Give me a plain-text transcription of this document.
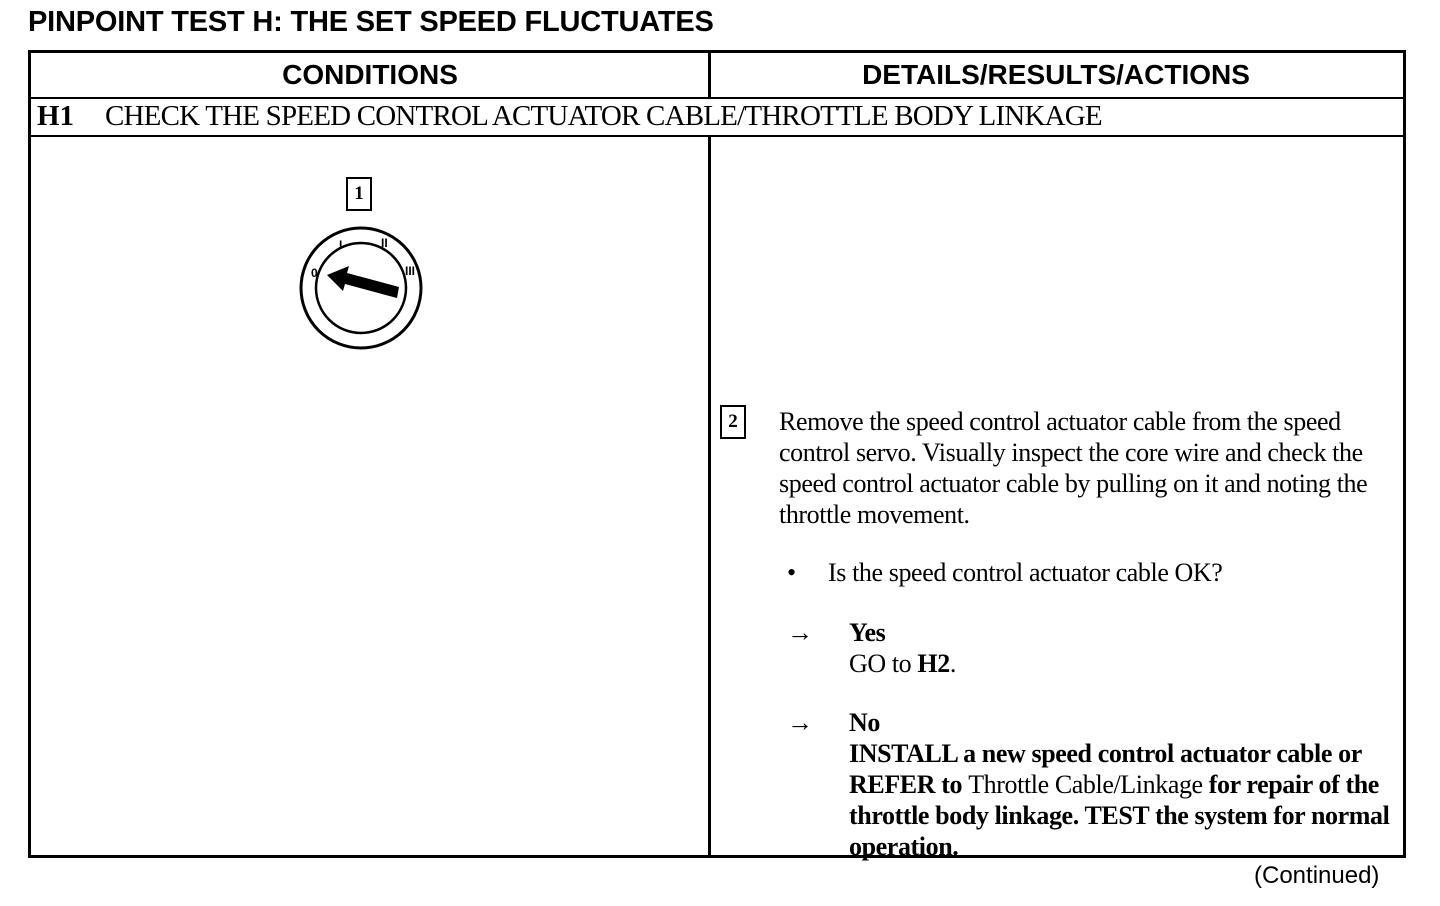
PINPOINT TEST H: THE SET SPEED FLUCTUATES
CONDITIONS	DETAILS/RESULTS/ACTIONS
H1 CHECK THE SPEED CONTROL ACTUATOR CABLE/THROTTLE BODY LINKAGE
1
0
I	II
III
2	Remove the speed control actuator cable from the speed control servo. Visually inspect the core wire and check the speed control actuator cable by pulling on it and noting the throttle movement.
• Is the speed control actuator cable OK?
→ Yes
GO to H2.
→ No
INSTALL a new speed control actuator cable or REFER to Throttle Cable/Linkage for repair of the throttle body linkage. TEST the system for normal operation.
(Continued)
